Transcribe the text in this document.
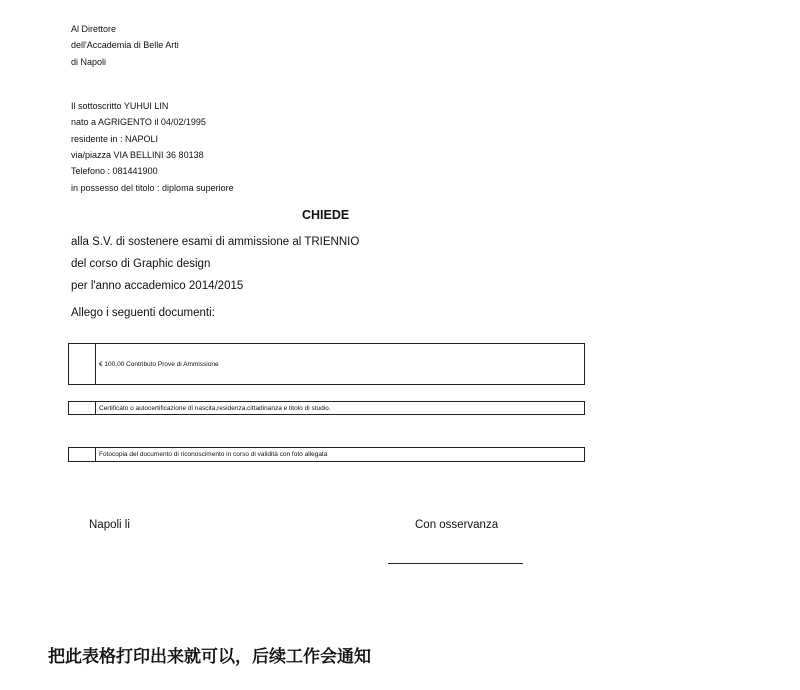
Al Direttore
dell'Accademia di Belle Arti
di Napoli
Il sottoscritto YUHUI LIN
nato a AGRIGENTO il 04/02/1995
residente in : NAPOLI
via/piazza VIA BELLINI 36 80138
Telefono : 081441900
in possesso del titolo : diploma superiore
CHIEDE
alla S.V. di sostenere esami di ammissione al TRIENNIO
del corso di Graphic design
per l'anno accademico 2014/2015
Allego i seguenti documenti:
€ 100,00 Contributo Prove di Ammissione
Certificato o autocertificazione di nascita,residenza,cittadinanza e titolo di studio.
Fotocopia del documento di riconoscimento in corso di validità con foto allegata
Napoli li	Con osservanza
把此表格打印出来就可以，后续工作会通知
